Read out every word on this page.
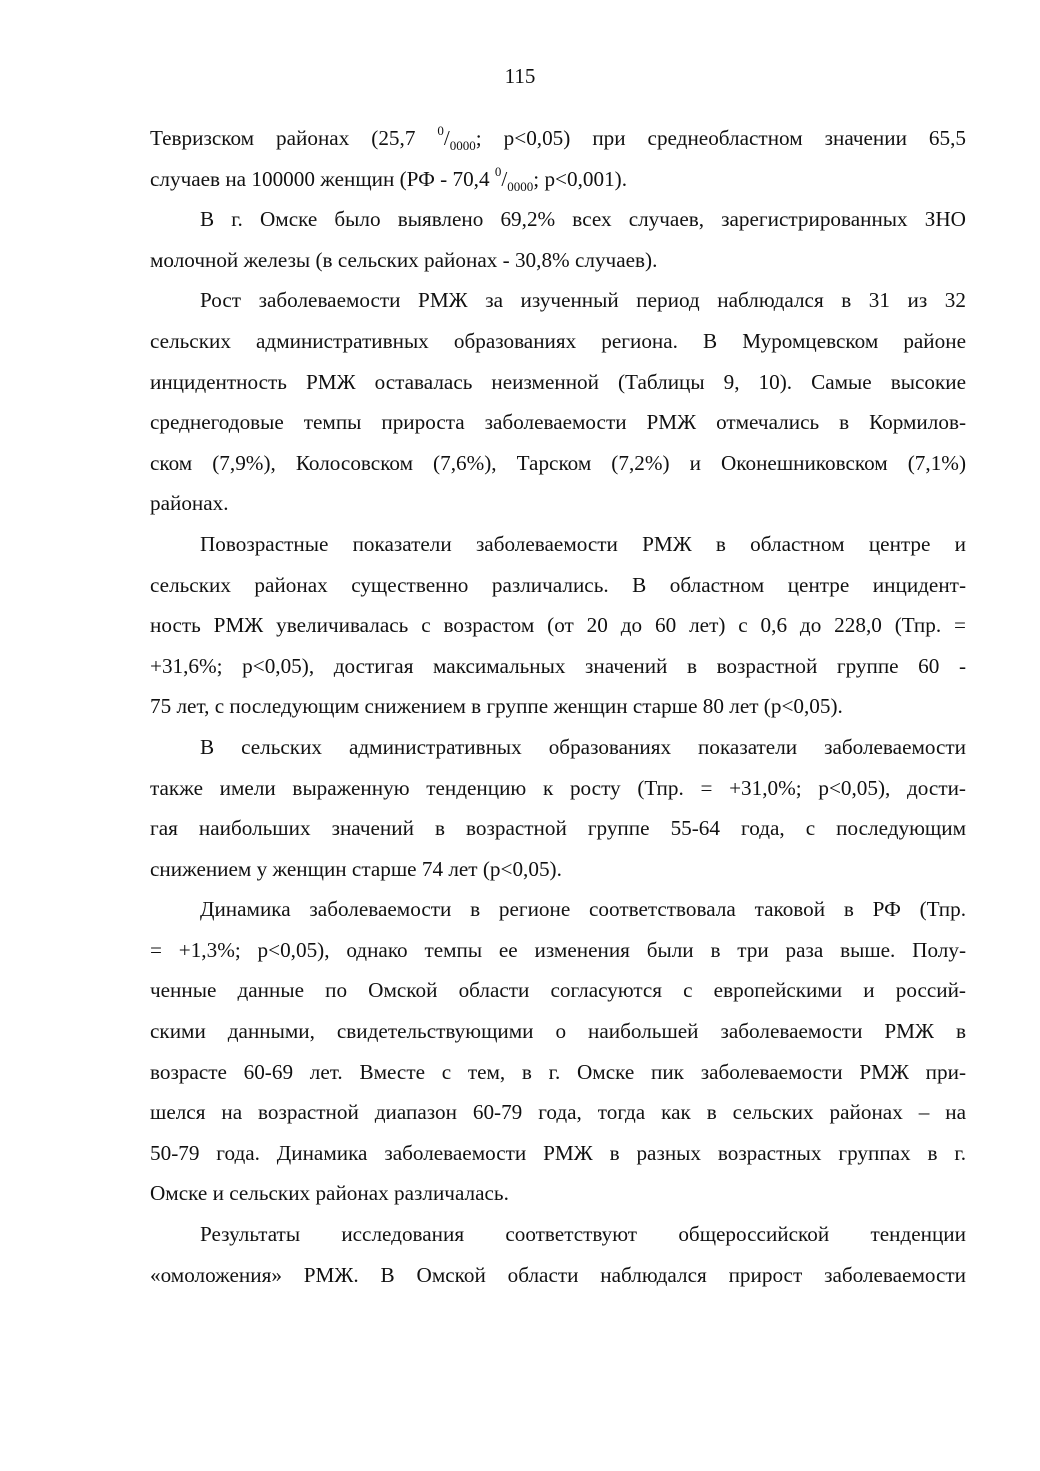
115
Тевризском районах (25,7 $^0/_{0000}$; p<0,05) при среднеобластном значении 65,5
случаев на 100000 женщин (РФ - 70,4 $^0/_{0000}$; p<0,001).
В г. Омске было выявлено 69,2% всех случаев, зарегистрированных ЗНО
молочной железы (в сельских районах - 30,8% случаев).
Рост заболеваемости РМЖ за изученный период наблюдался в 31 из 32
сельских административных образованиях региона. В Муромцевском районе
инцидентность РМЖ оставалась неизменной (Таблицы 9, 10). Самые высокие
среднегодовые темпы прироста заболеваемости РМЖ отмечались в Кормилов-
ском (7,9%), Колосовском (7,6%), Тарском (7,2%) и Оконешниковском (7,1%)
районах.
Повозрастные показатели заболеваемости РМЖ в областном центре и
сельских районах существенно различались. В областном центре инцидент-
ность РМЖ увеличивалась с возрастом (от 20 до 60 лет) с 0,6 до 228,0 (Тпр. =
+31,6%; p<0,05), достигая максимальных значений в возрастной группе 60 -
75 лет, с последующим снижением в группе женщин старше 80 лет (p<0,05).
В сельских административных образованиях показатели заболеваемости
также имели выраженную тенденцию к росту (Тпр. = +31,0%; p<0,05), дости-
гая наибольших значений в возрастной группе 55-64 года, с последующим
снижением у женщин старше 74 лет (p<0,05).
Динамика заболеваемости в регионе соответствовала таковой в РФ (Тпр.
= +1,3%; p<0,05), однако темпы ее изменения были в три раза выше. Полу-
ченные данные по Омской области согласуются с европейскими и россий-
скими данными, свидетельствующими о наибольшей заболеваемости РМЖ в
возрасте 60-69 лет. Вместе с тем, в г. Омске пик заболеваемости РМЖ при-
шелся на возрастной диапазон 60-79 года, тогда как в сельских районах – на
50-79 года. Динамика заболеваемости РМЖ в разных возрастных группах в г.
Омске и сельских районах различалась.
Результаты исследования соответствуют общероссийской тенденции
«омоложения» РМЖ. В Омской области наблюдался прирост заболеваемости
